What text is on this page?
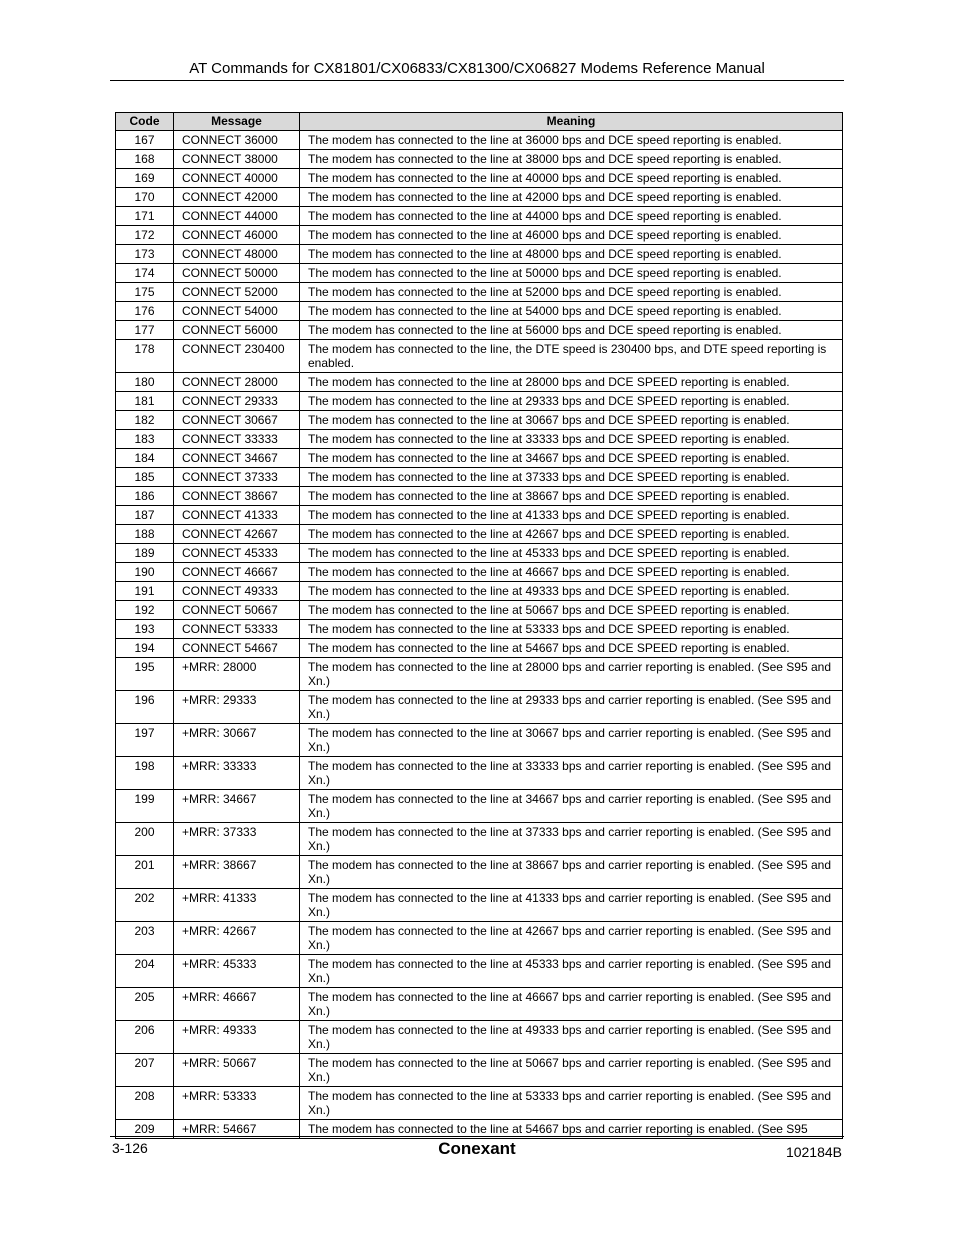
AT Commands for CX81801/CX06833/CX81300/CX06827 Modems Reference Manual
Code	Message	Meaning
167	CONNECT 36000	The modem has connected to the line at 36000 bps and DCE speed reporting is enabled.
168	CONNECT 38000	The modem has connected to the line at 38000 bps and DCE speed reporting is enabled.
169	CONNECT 40000	The modem has connected to the line at 40000 bps and DCE speed reporting is enabled.
170	CONNECT 42000	The modem has connected to the line at 42000 bps and DCE speed reporting is enabled.
171	CONNECT 44000	The modem has connected to the line at 44000 bps and DCE speed reporting is enabled.
172	CONNECT 46000	The modem has connected to the line at 46000 bps and DCE speed reporting is enabled.
173	CONNECT 48000	The modem has connected to the line at 48000 bps and DCE speed reporting is enabled.
174	CONNECT 50000	The modem has connected to the line at 50000 bps and DCE speed reporting is enabled.
175	CONNECT 52000	The modem has connected to the line at 52000 bps and DCE speed reporting is enabled.
176	CONNECT 54000	The modem has connected to the line at 54000 bps and DCE speed reporting is enabled.
177	CONNECT 56000	The modem has connected to the line at 56000 bps and DCE speed reporting is enabled.
178	CONNECT 230400	The modem has connected to the line, the DTE speed is 230400 bps, and DTE speed reporting is enabled.
180	CONNECT 28000	The modem has connected to the line at 28000 bps and DCE SPEED reporting is enabled.
181	CONNECT 29333	The modem has connected to the line at 29333 bps and DCE SPEED reporting is enabled.
182	CONNECT 30667	The modem has connected to the line at 30667 bps and DCE SPEED reporting is enabled.
183	CONNECT 33333	The modem has connected to the line at 33333 bps and DCE SPEED reporting is enabled.
184	CONNECT 34667	The modem has connected to the line at 34667 bps and DCE SPEED reporting is enabled.
185	CONNECT 37333	The modem has connected to the line at 37333 bps and DCE SPEED reporting is enabled.
186	CONNECT 38667	The modem has connected to the line at 38667 bps and DCE SPEED reporting is enabled.
187	CONNECT 41333	The modem has connected to the line at 41333 bps and DCE SPEED reporting is enabled.
188	CONNECT 42667	The modem has connected to the line at 42667 bps and DCE SPEED reporting is enabled.
189	CONNECT 45333	The modem has connected to the line at 45333 bps and DCE SPEED reporting is enabled.
190	CONNECT 46667	The modem has connected to the line at 46667 bps and DCE SPEED reporting is enabled.
191	CONNECT 49333	The modem has connected to the line at 49333 bps and DCE SPEED reporting is enabled.
192	CONNECT 50667	The modem has connected to the line at 50667 bps and DCE SPEED reporting is enabled.
193	CONNECT 53333	The modem has connected to the line at 53333 bps and DCE SPEED reporting is enabled.
194	CONNECT 54667	The modem has connected to the line at 54667 bps and DCE SPEED reporting is enabled.
195	+MRR: 28000	The modem has connected to the line at 28000 bps and carrier reporting is enabled. (See S95 and Xn.)
196	+MRR: 29333	The modem has connected to the line at 29333 bps and carrier reporting is enabled. (See S95 and Xn.)
197	+MRR: 30667	The modem has connected to the line at 30667 bps and carrier reporting is enabled. (See S95 and Xn.)
198	+MRR: 33333	The modem has connected to the line at 33333 bps and carrier reporting is enabled. (See S95 and Xn.)
199	+MRR: 34667	The modem has connected to the line at 34667 bps and carrier reporting is enabled. (See S95 and Xn.)
200	+MRR: 37333	The modem has connected to the line at 37333 bps and carrier reporting is enabled. (See S95 and Xn.)
201	+MRR: 38667	The modem has connected to the line at 38667 bps and carrier reporting is enabled. (See S95 and Xn.)
202	+MRR: 41333	The modem has connected to the line at 41333 bps and carrier reporting is enabled. (See S95 and Xn.)
203	+MRR: 42667	The modem has connected to the line at 42667 bps and carrier reporting is enabled. (See S95 and Xn.)
204	+MRR: 45333	The modem has connected to the line at 45333 bps and carrier reporting is enabled. (See S95 and Xn.)
205	+MRR: 46667	The modem has connected to the line at 46667 bps and carrier reporting is enabled. (See S95 and Xn.)
206	+MRR: 49333	The modem has connected to the line at 49333 bps and carrier reporting is enabled. (See S95 and Xn.)
207	+MRR: 50667	The modem has connected to the line at 50667 bps and carrier reporting is enabled. (See S95 and Xn.)
208	+MRR: 53333	The modem has connected to the line at 53333 bps and carrier reporting is enabled. (See S95 and Xn.)
209	+MRR: 54667	The modem has connected to the line at 54667 bps and carrier reporting is enabled. (See S95
3-126	Conexant	102184B
